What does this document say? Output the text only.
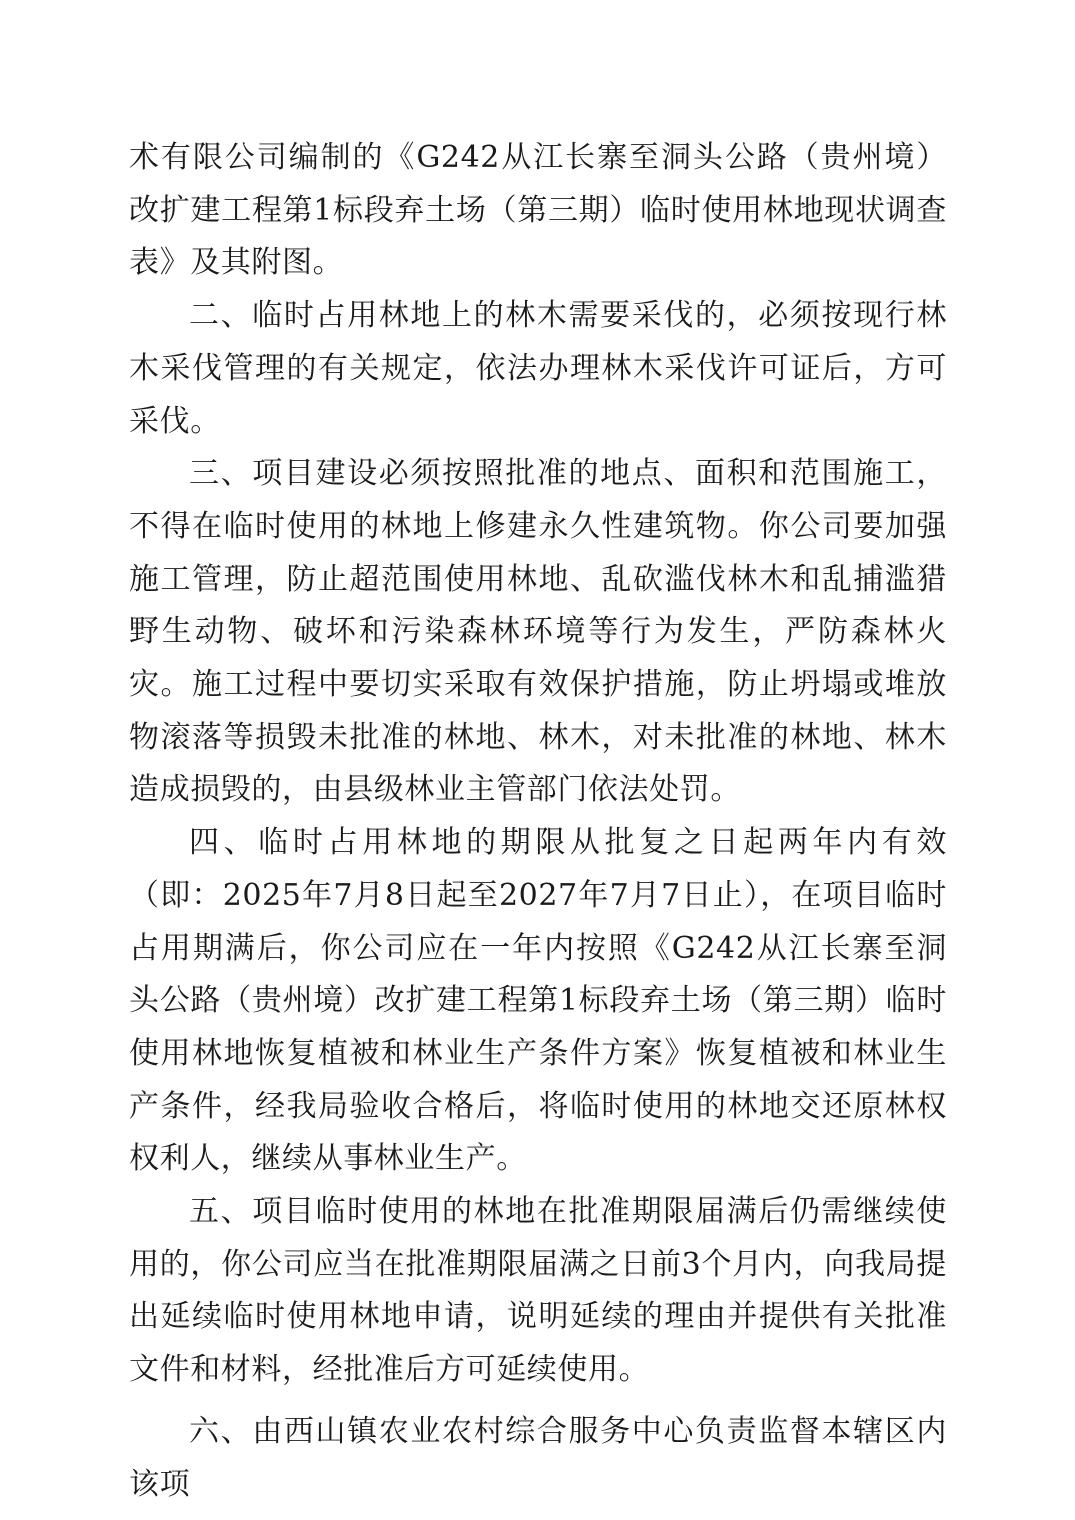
术有限公司编制的《G242从江长寨至洞头公路（贵州境）改扩建工程第1标段弃土场（第三期）临时使用林地现状调查表》及其附图。

二、临时占用林地上的林木需要采伐的，必须按现行林木采伐管理的有关规定，依法办理林木采伐许可证后，方可采伐。

三、项目建设必须按照批准的地点、面积和范围施工，不得在临时使用的林地上修建永久性建筑物。你公司要加强施工管理，防止超范围使用林地、乱砍滥伐林木和乱捕滥猎野生动物、破坏和污染森林环境等行为发生，严防森林火灾。施工过程中要切实采取有效保护措施，防止坍塌或堆放物滚落等损毁未批准的林地、林木，对未批准的林地、林木造成损毁的，由县级林业主管部门依法处罚。

四、临时占用林地的期限从批复之日起两年内有效（即：2025年7月8日起至2027年7月7日止），在项目临时占用期满后，你公司应在一年内按照《G242从江长寨至洞头公路（贵州境）改扩建工程第1标段弃土场（第三期）临时使用林地恢复植被和林业生产条件方案》恢复植被和林业生产条件，经我局验收合格后，将临时使用的林地交还原林权权利人，继续从事林业生产。

五、项目临时使用的林地在批准期限届满后仍需继续使用的，你公司应当在批准期限届满之日前3个月内，向我局提出延续临时使用林地申请，说明延续的理由并提供有关批准文件和材料，经批准后方可延续使用。

六、由西山镇农业农村综合服务中心负责监督本辖区内该项
